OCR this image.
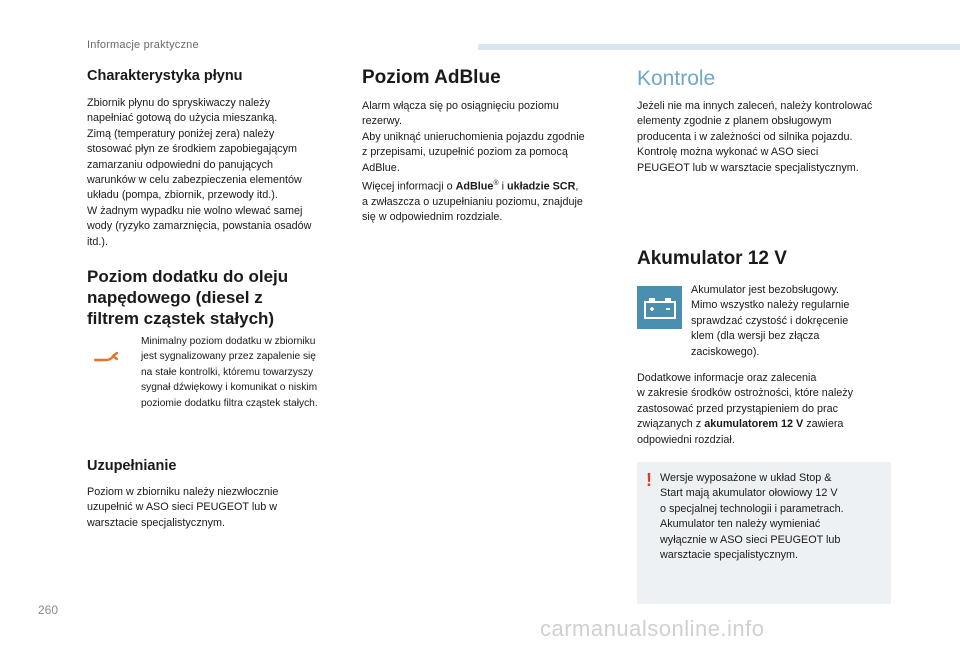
Informacje praktyczne
Charakterystyka płynu

Zbiornik płynu do spryskiwaczy należy
napełniać gotową do użycia mieszanką.
Zimą (temperatury poniżej zera) należy
stosować płyn ze środkiem zapobiegającym
zamarzaniu odpowiedni do panujących
warunków w celu zabezpieczenia elementów
układu (pompa, zbiornik, przewody itd.).
W żadnym wypadku nie wolno wlewać samej
wody (ryzyko zamarznięcia, powstania osadów
itd.).

Poziom dodatku do oleju
napędowego (diesel z
filtrem cząstek stałych)

Minimalny poziom dodatku w zbiorniku
jest sygnalizowany przez zapalenie się
na stałe kontrolki, któremu towarzyszy
sygnał dźwiękowy i komunikat o niskim
poziomie dodatku filtra cząstek stałych.

Uzupełnianie

Poziom w zbiorniku należy niezwłocznie
uzupełnić w ASO sieci PEUGEOT lub w
warsztacie specjalistycznym.

Poziom AdBlue

Alarm włącza się po osiągnięciu poziomu
rezerwy.
Aby uniknąć unieruchomienia pojazdu zgodnie
z przepisami, uzupełnić poziom za pomocą
AdBlue.
Więcej informacji o AdBlue® i układzie SCR,
a zwłaszcza o uzupełnianiu poziomu, znajduje
się w odpowiednim rozdziale.

Kontrole

Jeżeli nie ma innych zaleceń, należy kontrolować
elementy zgodnie z planem obsługowym
producenta i w zależności od silnika pojazdu.
Kontrolę można wykonać w ASO sieci
PEUGEOT lub w warsztacie specjalistycznym.

Akumulator 12 V

Akumulator jest bezobsługowy.
Mimo wszystko należy regularnie
sprawdzać czystość i dokręcenie
klem (dla wersji bez złącza
zaciskowego).

Dodatkowe informacje oraz zalecenia
w zakresie środków ostrożności, które należy
zastosować przed przystąpieniem do prac
związanych z akumulatorem 12 V zawiera
odpowiedni rozdział.

! Wersje wyposażone w układ Stop &
Start mają akumulator ołowiowy 12 V
o specjalnej technologii i parametrach.
Akumulator ten należy wymieniać
wyłącznie w ASO sieci PEUGEOT lub
warsztacie specjalistycznym.

260
carmanualsonline.info
